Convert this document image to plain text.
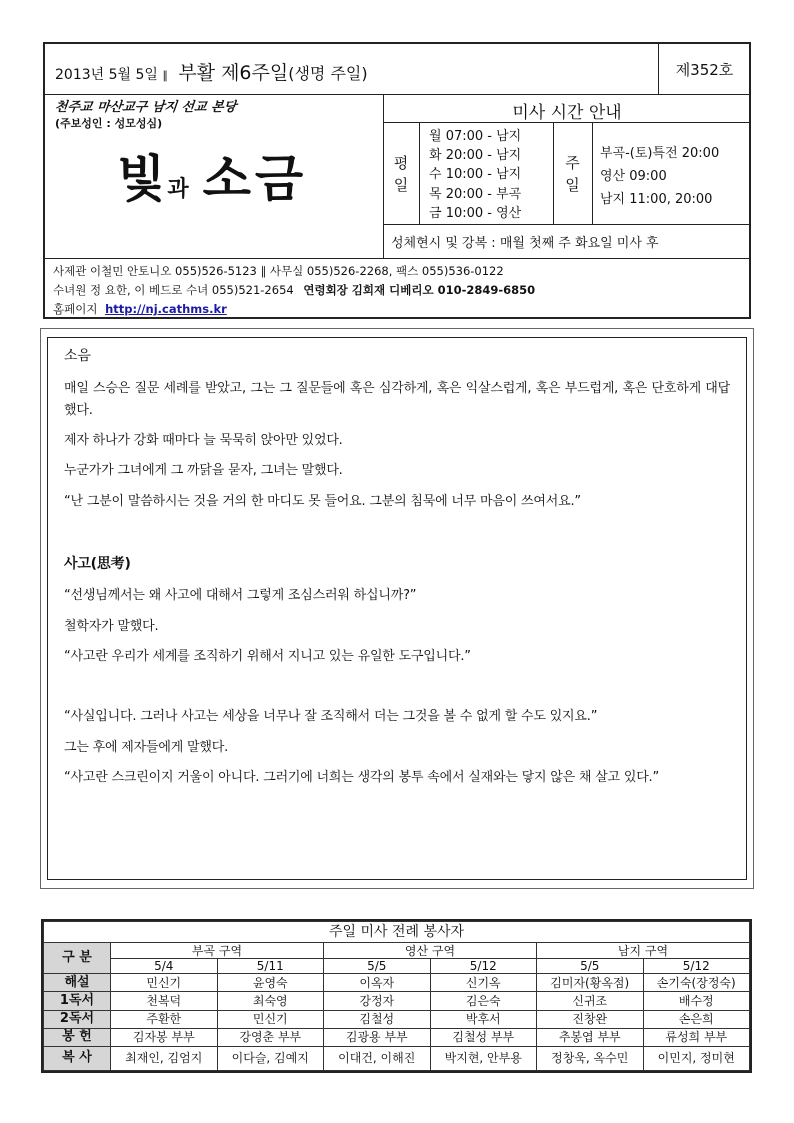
2013년 5월 5일 ∥ 부활 제6주일(생명 주일)	제352호
천주교 마산교구 남지 선교 본당
(주보성인 : 성모성심)
빛과 소금
미사 시간 안내
평
일
월 07:00 - 남지
화 20:00 - 남지
수 10:00 - 남지
목 20:00 - 부곡
금 10:00 - 영산
주
일
부곡-(토)특전 20:00
영산 09:00
남지 11:00, 20:00
성체현시 및 강복 : 매월 첫째 주 화요일 미사 후
사제관 이철민 안토니오 055)526-5123 ∥ 사무실 055)526-2268, 팩스 055)536-0122
수녀원 정 요한, 이 베드로 수녀 055)521-2654 연령회장 김희재 디베리오 010-2849-6850
홈페이지 http://nj.cathms.kr
소음
매일 스승은 질문 세례를 받았고, 그는 그 질문들에 혹은 심각하게, 혹은 익살스럽게, 혹은 부드럽게, 혹은 단호하게 대답했다.
제자 하나가 강화 때마다 늘 묵묵히 앉아만 있었다.
누군가가 그녀에게 그 까닭을 묻자, 그녀는 말했다.
“난 그분이 말씀하시는 것을 거의 한 마디도 못 들어요. 그분의 침묵에 너무 마음이 쓰여서요.”
사고(思考)
“선생님께서는 왜 사고에 대해서 그렇게 조심스러워 하십니까?”
철학자가 말했다.
“사고란 우리가 세계를 조직하기 위해서 지니고 있는 유일한 도구입니다.”
“사실입니다. 그러나 사고는 세상을 너무나 잘 조직해서 더는 그것을 볼 수 없게 할 수도 있지요.”
그는 후에 제자들에게 말했다.
“사고란 스크린이지 거울이 아니다. 그러기에 너희는 생각의 봉투 속에서 실재와는 닿지 않은 채 살고 있다.”
주일 미사 전례 봉사자						
구 분	부곡 구역		영산 구역		남지 구역	
	5/4	5/11	5/5	5/12	5/5	5/12
해설	민신기	윤영숙	이옥자	신기옥	김미자(황옥점)	손기숙(장정숙)
1독서	천복덕	최숙영	강정자	김은숙	신귀조	배수정
2독서	주환한	민신기	김철성	박후서	진창완	손은희
봉 헌	김자봉 부부	강영춘 부부	김광용 부부	김철성 부부	추봉엽 부부	류성희 부부
복 사	최재인, 김엄지	이다슬, 김예지	이대건, 이해진	박지현, 안부용	정창욱, 옥수민	이민지, 정미현
